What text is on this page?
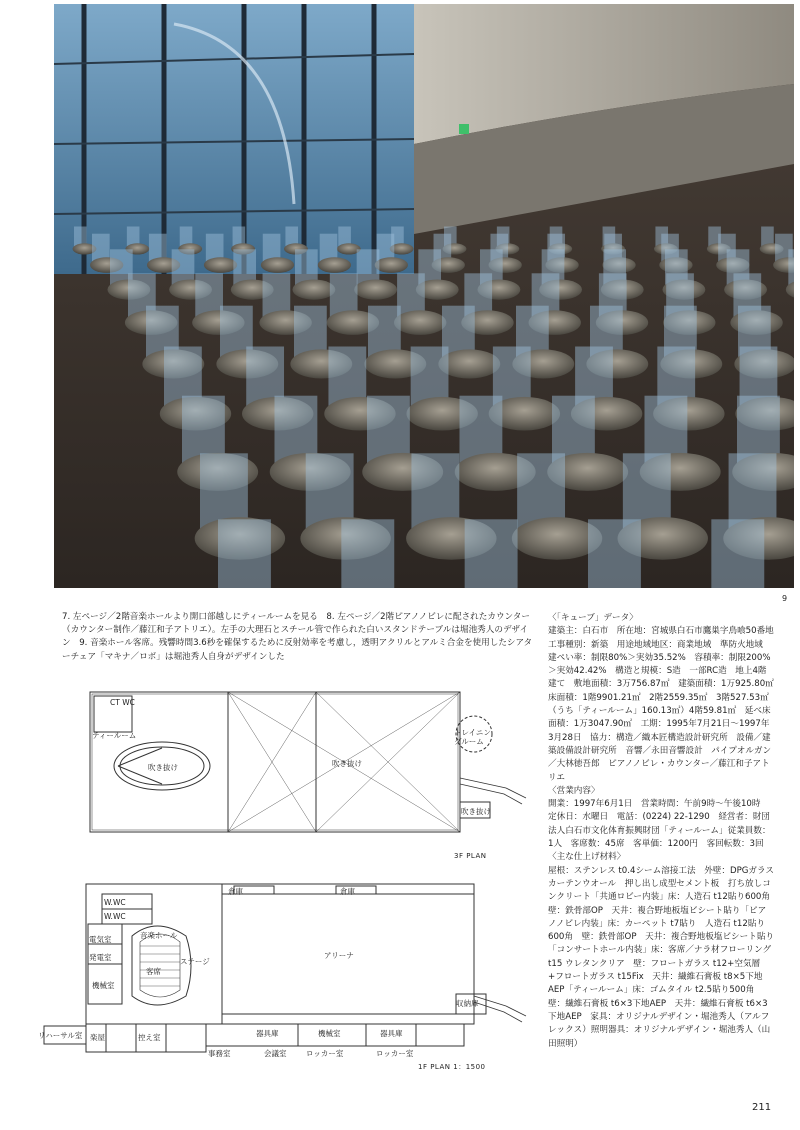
9
7. 左ページ／2階音楽ホールより開口部越しにティールームを見る　8. 左ページ／2階ピアノノビレに配されたカウンター（カウンター制作／藤江和子アトリエ）。左手の大理石とスチール管で作られた白いスタンドテーブルは堀池秀人のデザイン　9. 音楽ホール客席。残響時間3.6秒を確保するために反射効率を考慮し，透明アクリルとアルミ合金を使用したシアターチェア「マキナ／ロボ」は堀池秀人自身がデザインした

〈「キューブ」データ〉

建築主：白石市　所在地：宮城県白石市鷹巣字鳥喰50番地　工事種別：新築　用途地域地区：商業地域　準防火地域　建ぺい率：制限80%＞実効35.52%　容積率：制限200%＞実効42.42%　構造と規模：S造　一部RC造　地上4階建て　敷地面積：3万756.87㎡　建築面積：1万925.80㎡　床面積：1階9901.21㎡　2階2559.35㎡　3階527.53㎡（うち「ティールーム」160.13㎡）4階59.81㎡　延べ床面積：1万3047.90㎡　工期：1995年7月21日〜1997年3月28日　協力：構造／織本匠構造設計研究所　設備／建築設備設計研究所　音響／永田音響設計　パイプオルガン／大林徳吾郎　ピアノノビレ・カウンター／藤江和子アトリエ

〈営業内容〉

開業：1997年6月1日　営業時間：午前9時〜午後10時　定休日：水曜日　電話：(0224) 22-1290　経営者：財団法人白石市文化体育振興財団「ティールーム」従業員数：1人　客席数：45席　客単価：1200円　客回転数：3回

〈主な仕上げ材料〉

屋根：ステンレス t0.4シーム溶接工法　外壁：DPGガラスカーテンウオール　押し出し成型セメント板　打ち放しコンクリート「共通ロビー内装」床：人造石 t12貼り600角　壁：鉄骨部OP　天井：複合野地板塩ビシート貼り「ピアノノビレ内装」床：カーペット t7貼り　人造石 t12貼り600角　壁：鉄骨部OP　天井：複合野地板塩ビシート貼り「コンサートホール内装」床：客席／ナラ材フローリング t15 ウレタンクリア　壁：フロートガラス t12+空気層+フロートガラス t15Fix　天井：繊維石膏板 t8×5下地AEP「ティールーム」床：ゴムタイル t2.5貼り500角　壁：繊維石膏板 t6×3下地AEP　天井：繊維石膏板 t6×3下地AEP　家具：オリジナルデザイン・堀池秀人（アルフレックス）照明器具：オリジナルデザイン・堀池秀人（山田照明）

CT WC
ティールーム
吹き抜け	吹き抜け
吹き抜け
トレイニングルーム
3F PLAN
倉庫	倉庫
W.WC
W.WC
電気室
発電室
機械室
音楽ホール
客席
ステージ
アリーナ
収納庫
リハーサル室 楽屋	控え室	器具庫	機械室	器具庫
事務室	会議室	ロッカー室	ロッカー室
1F PLAN 1：1500
211
